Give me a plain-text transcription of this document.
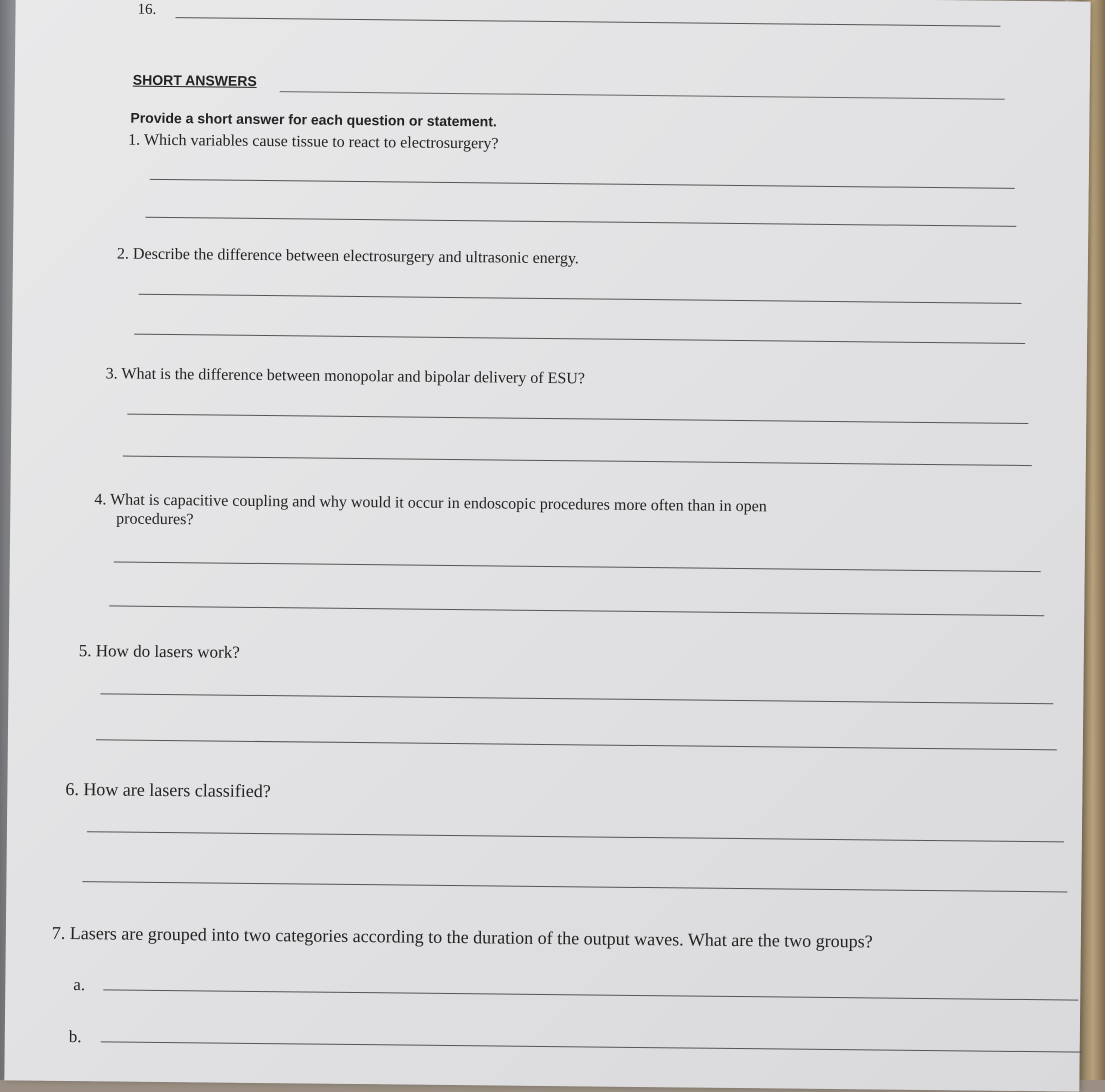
16.
SHORT ANSWERS
Provide a short answer for each question or statement.
1. Which variables cause tissue to react to electrosurgery?
2. Describe the difference between electrosurgery and ultrasonic energy.
3. What is the difference between monopolar and bipolar delivery of ESU?
4. What is capacitive coupling and why would it occur in endoscopic procedures more often than in open
procedures?
5. How do lasers work?
6. How are lasers classified?
7. Lasers are grouped into two categories according to the duration of the output waves. What are the two groups?
a.
b.
